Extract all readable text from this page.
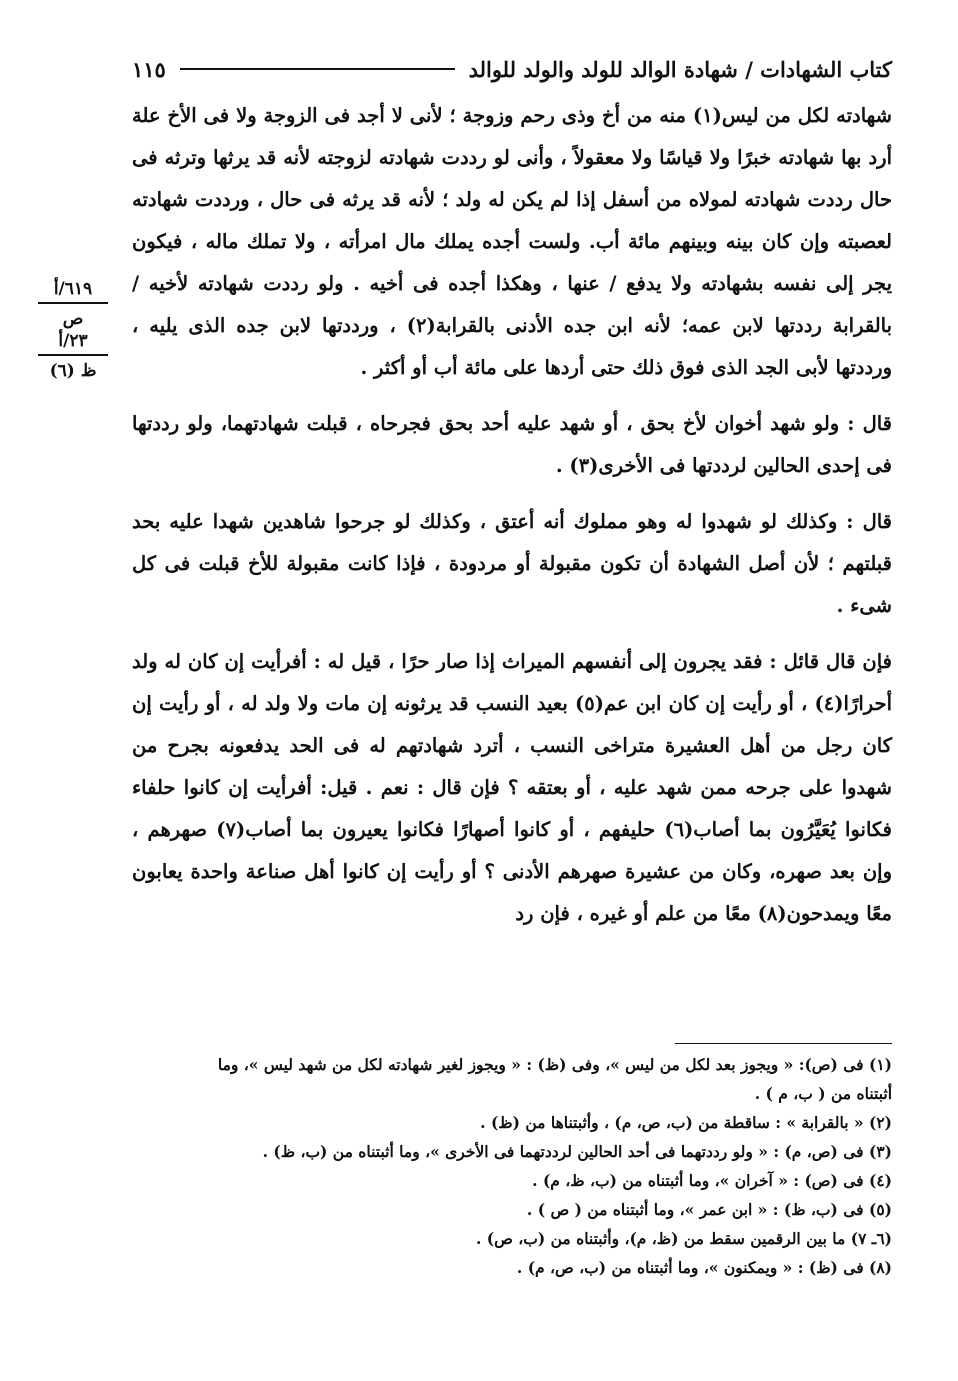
كتاب الشهادات / شهادة الوالد للولد والولد للوالد
١١٥
٦١٩/أ
ص
٢٣/أ
ظ (٦)

شهادته لكل من ليس(١) منه من أخ وذى رحم وزوجة ؛ لأنى لا أجد فى الزوجة ولا فى الأخ علة أرد بها شهادته خبرًا ولا قياسًا ولا معقولاً ، وأنى لو رددت شهادته لزوجته لأنه قد يرثها وترثه فى حال رددت شهادته لمولاه من أسفل إذا لم يكن له ولد ؛ لأنه قد يرثه فى حال ، ورددت شهادته لعصبته وإن كان بينه وبينهم مائة أب. ولست أجده يملك مال امرأته ، ولا تملك ماله ، فيكون يجر إلى نفسه بشهادته ولا يدفع / عنها ، وهكذا أجده فى أخيه . ولو رددت شهادته لأخيه / بالقرابة رددتها لابن عمه؛ لأنه ابن جده الأدنى بالقرابة(٢) ، ورددتها لابن جده الذى يليه ، ورددتها لأبى الجد الذى فوق ذلك حتى أردها على مائة أب أو أكثر .

قال : ولو شهد أخوان لأخ بحق ، أو شهد عليه أحد بحق فجرحاه ، قبلت شهادتهما، ولو رددتها فى إحدى الحالين لرددتها فى الأخرى(٣) .

قال : وكذلك لو شهدوا له وهو مملوك أنه أعتق ، وكذلك لو جرحوا شاهدين شهدا عليه بحد قبلتهم ؛ لأن أصل الشهادة أن تكون مقبولة أو مردودة ، فإذا كانت مقبولة للأخ قبلت فى كل شىء .

فإن قال قائل : فقد يجرون إلى أنفسهم الميراث إذا صار حرًا ، قيل له : أفرأيت إن كان له ولد أحرارًا(٤) ، أو رأيت إن كان ابن عم(٥) بعيد النسب قد يرثونه إن مات ولا ولد له ، أو رأيت إن كان رجل من أهل العشيرة متراخى النسب ، أترد شهادتهم له فى الحد يدفعونه بجرح من شهدوا على جرحه ممن شهد عليه ، أو بعتقه ؟ فإن قال : نعم . قيل: أفرأيت إن كانوا حلفاء فكانوا يُعَيَّرُون بما أصاب(٦) حليفهم ، أو كانوا أصهارًا فكانوا يعيرون بما أصاب(٧) صهرهم ، وإن بعد صهره، وكان من عشيرة صهرهم الأدنى ؟ أو رأيت إن كانوا أهل صناعة واحدة يعابون معًا ويمدحون(٨) معًا من علم أو غيره ، فإن رد

(١) فى (ص): « ويجوز بعد لكل من ليس »، وفى (ظ) : « ويجوز لغير شهادته لكل من شهد ليس »، وما
أثبتناه من ( ب، م ) .
(٢) « بالقرابة » : ساقطة من (ب، ص، م) ، وأثبتناها من (ظ) .
(٣) فى (ص، م) : « ولو رددتهما فى أحد الحالين لرددتهما فى الأخرى »، وما أثبتناه من (ب، ظ) .
(٤) فى (ص) : « آخران »، وما أثبتناه من (ب، ظ، م) .
(٥) فى (ب، ظ) : « ابن عمر »، وما أثبتناه من ( ص ) .
(٦ـ ٧) ما بين الرقمين سقط من (ظ، م)، وأثبتناه من (ب، ص) .
(٨) فى (ظ) : « ويمكنون »، وما أثبتناه من (ب، ص، م) .
